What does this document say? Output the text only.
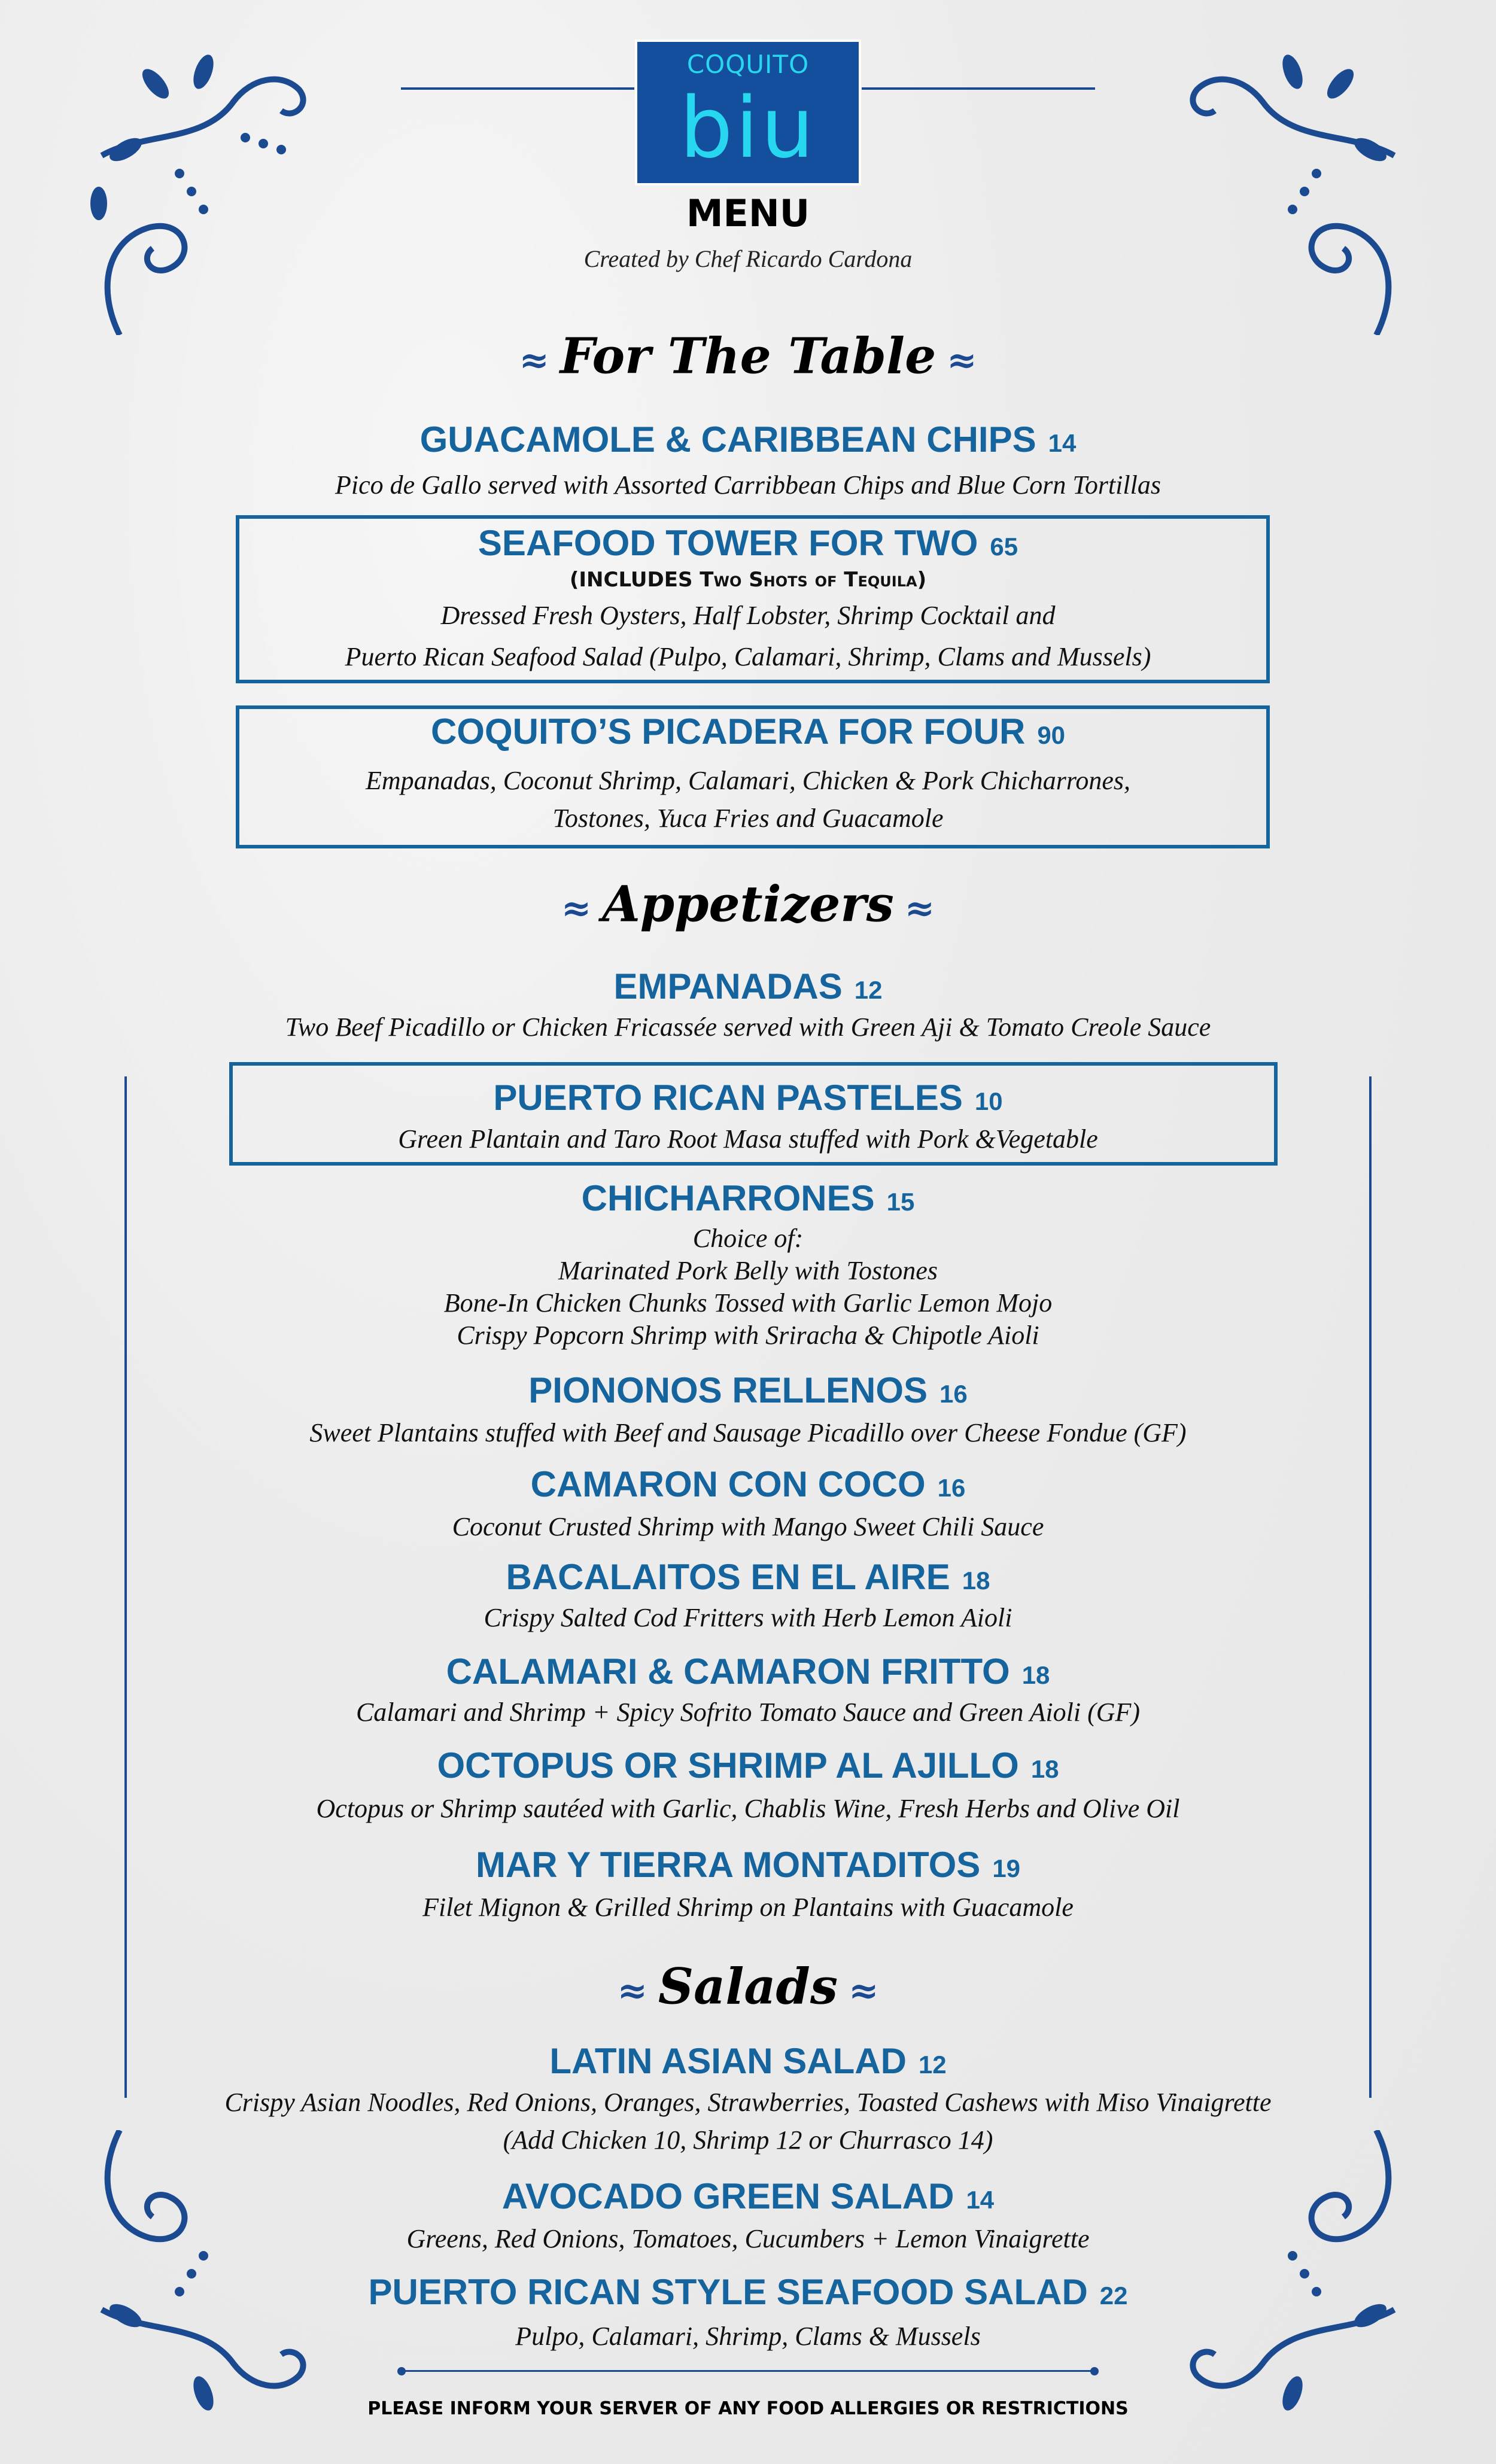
COQUITO
biu
MENU
Created by Chef Ricardo Cardona
≈ For The Table ≈
GUACAMOLE & CARIBBEAN CHIPS 14
Pico de Gallo served with Assorted Carribbean Chips and Blue Corn Tortillas
SEAFOOD TOWER FOR TWO 65
(INCLUDES Two Shots of Tequila)
Dressed Fresh Oysters, Half Lobster, Shrimp Cocktail and
Puerto Rican Seafood Salad (Pulpo, Calamari, Shrimp, Clams and Mussels)
COQUITO’S PICADERA FOR FOUR 90
Empanadas, Coconut Shrimp, Calamari, Chicken & Pork Chicharrones,
Tostones, Yuca Fries and Guacamole
≈ Appetizers ≈
EMPANADAS 12
Two Beef Picadillo or Chicken Fricassée served with Green Aji & Tomato Creole Sauce
PUERTO RICAN PASTELES 10
Green Plantain and Taro Root Masa stuffed with Pork &Vegetable
CHICHARRONES 15
Choice of:
Marinated Pork Belly with Tostones
Bone-In Chicken Chunks Tossed with Garlic Lemon Mojo
Crispy Popcorn Shrimp with Sriracha & Chipotle Aioli
PIONONOS RELLENOS 16
Sweet Plantains stuffed with Beef and Sausage Picadillo over Cheese Fondue (GF)
CAMARON CON COCO 16
Coconut Crusted Shrimp with Mango Sweet Chili Sauce
BACALAITOS EN EL AIRE 18
Crispy Salted Cod Fritters with Herb Lemon Aioli
CALAMARI & CAMARON FRITTO 18
Calamari and Shrimp + Spicy Sofrito Tomato Sauce and Green Aioli (GF)
OCTOPUS OR SHRIMP AL AJILLO 18
Octopus or Shrimp sautéed with Garlic, Chablis Wine, Fresh Herbs and Olive Oil
MAR Y TIERRA MONTADITOS 19
Filet Mignon & Grilled Shrimp on Plantains with Guacamole
≈ Salads ≈
LATIN ASIAN SALAD 12
Crispy Asian Noodles, Red Onions, Oranges, Strawberries, Toasted Cashews with Miso Vinaigrette
(Add Chicken 10, Shrimp 12 or Churrasco 14)
AVOCADO GREEN SALAD 14
Greens, Red Onions, Tomatoes, Cucumbers + Lemon Vinaigrette
PUERTO RICAN STYLE SEAFOOD SALAD 22
Pulpo, Calamari, Shrimp, Clams & Mussels
PLEASE INFORM YOUR SERVER OF ANY FOOD ALLERGIES OR RESTRICTIONS
